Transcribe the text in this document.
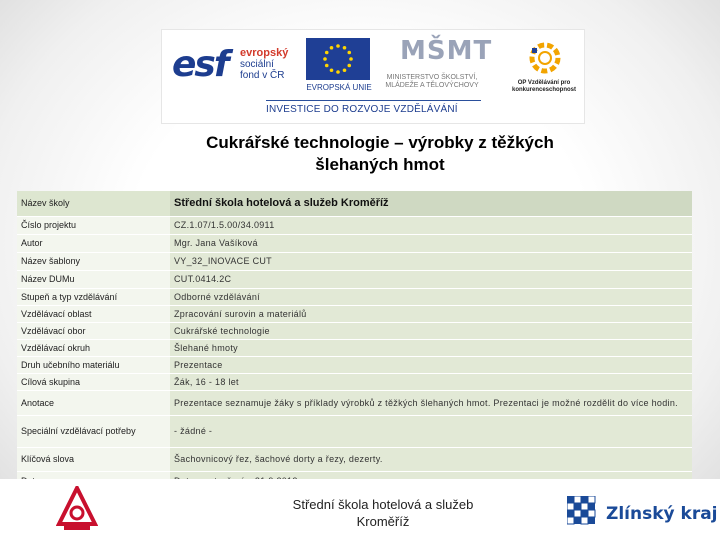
esf evropský
sociální
fond v ČR
EVROPSKÁ UNIE
MŠMT
MINISTERSTVO ŠKOLSTVÍ, MLÁDEŽE A TĚLOVÝCHOVY	OP Vzdělávání pro konkurenceschopnost
INVESTICE DO ROZVOJE VZDĚLÁVÁNÍ
Cukrářské technologie – výrobky z těžkých
šlehaných hmot
Název školy	Střední škola hotelová a služeb Kroměříž
Číslo projektu	CZ.1.07/1.5.00/34.0911
Autor	Mgr. Jana Vašíková
Název šablony	VY_32_INOVACE CUT
Název DUMu	CUT.0414.2C
Stupeň a typ vzdělávání	Odborné vzdělávání
Vzdělávací oblast	Zpracování surovin a materiálů
Vzdělávací obor	Cukrářské technologie
Vzdělávací okruh	Šlehané hmoty
Druh učebního materiálu	Prezentace
Cílová skupina	Žák, 16 - 18 let
Anotace	Prezentace seznamuje žáky s příklady výrobků z těžkých šlehaných hmot. Prezentaci je možné rozdělit do více hodin.
Speciální vzdělávací potřeby	- žádné -
Klíčová slova	Šachovnicový řez, šachové dorty a řezy, dezerty.

Střední škola hotelová a služeb
Kroměříž	Zlínský kraj
